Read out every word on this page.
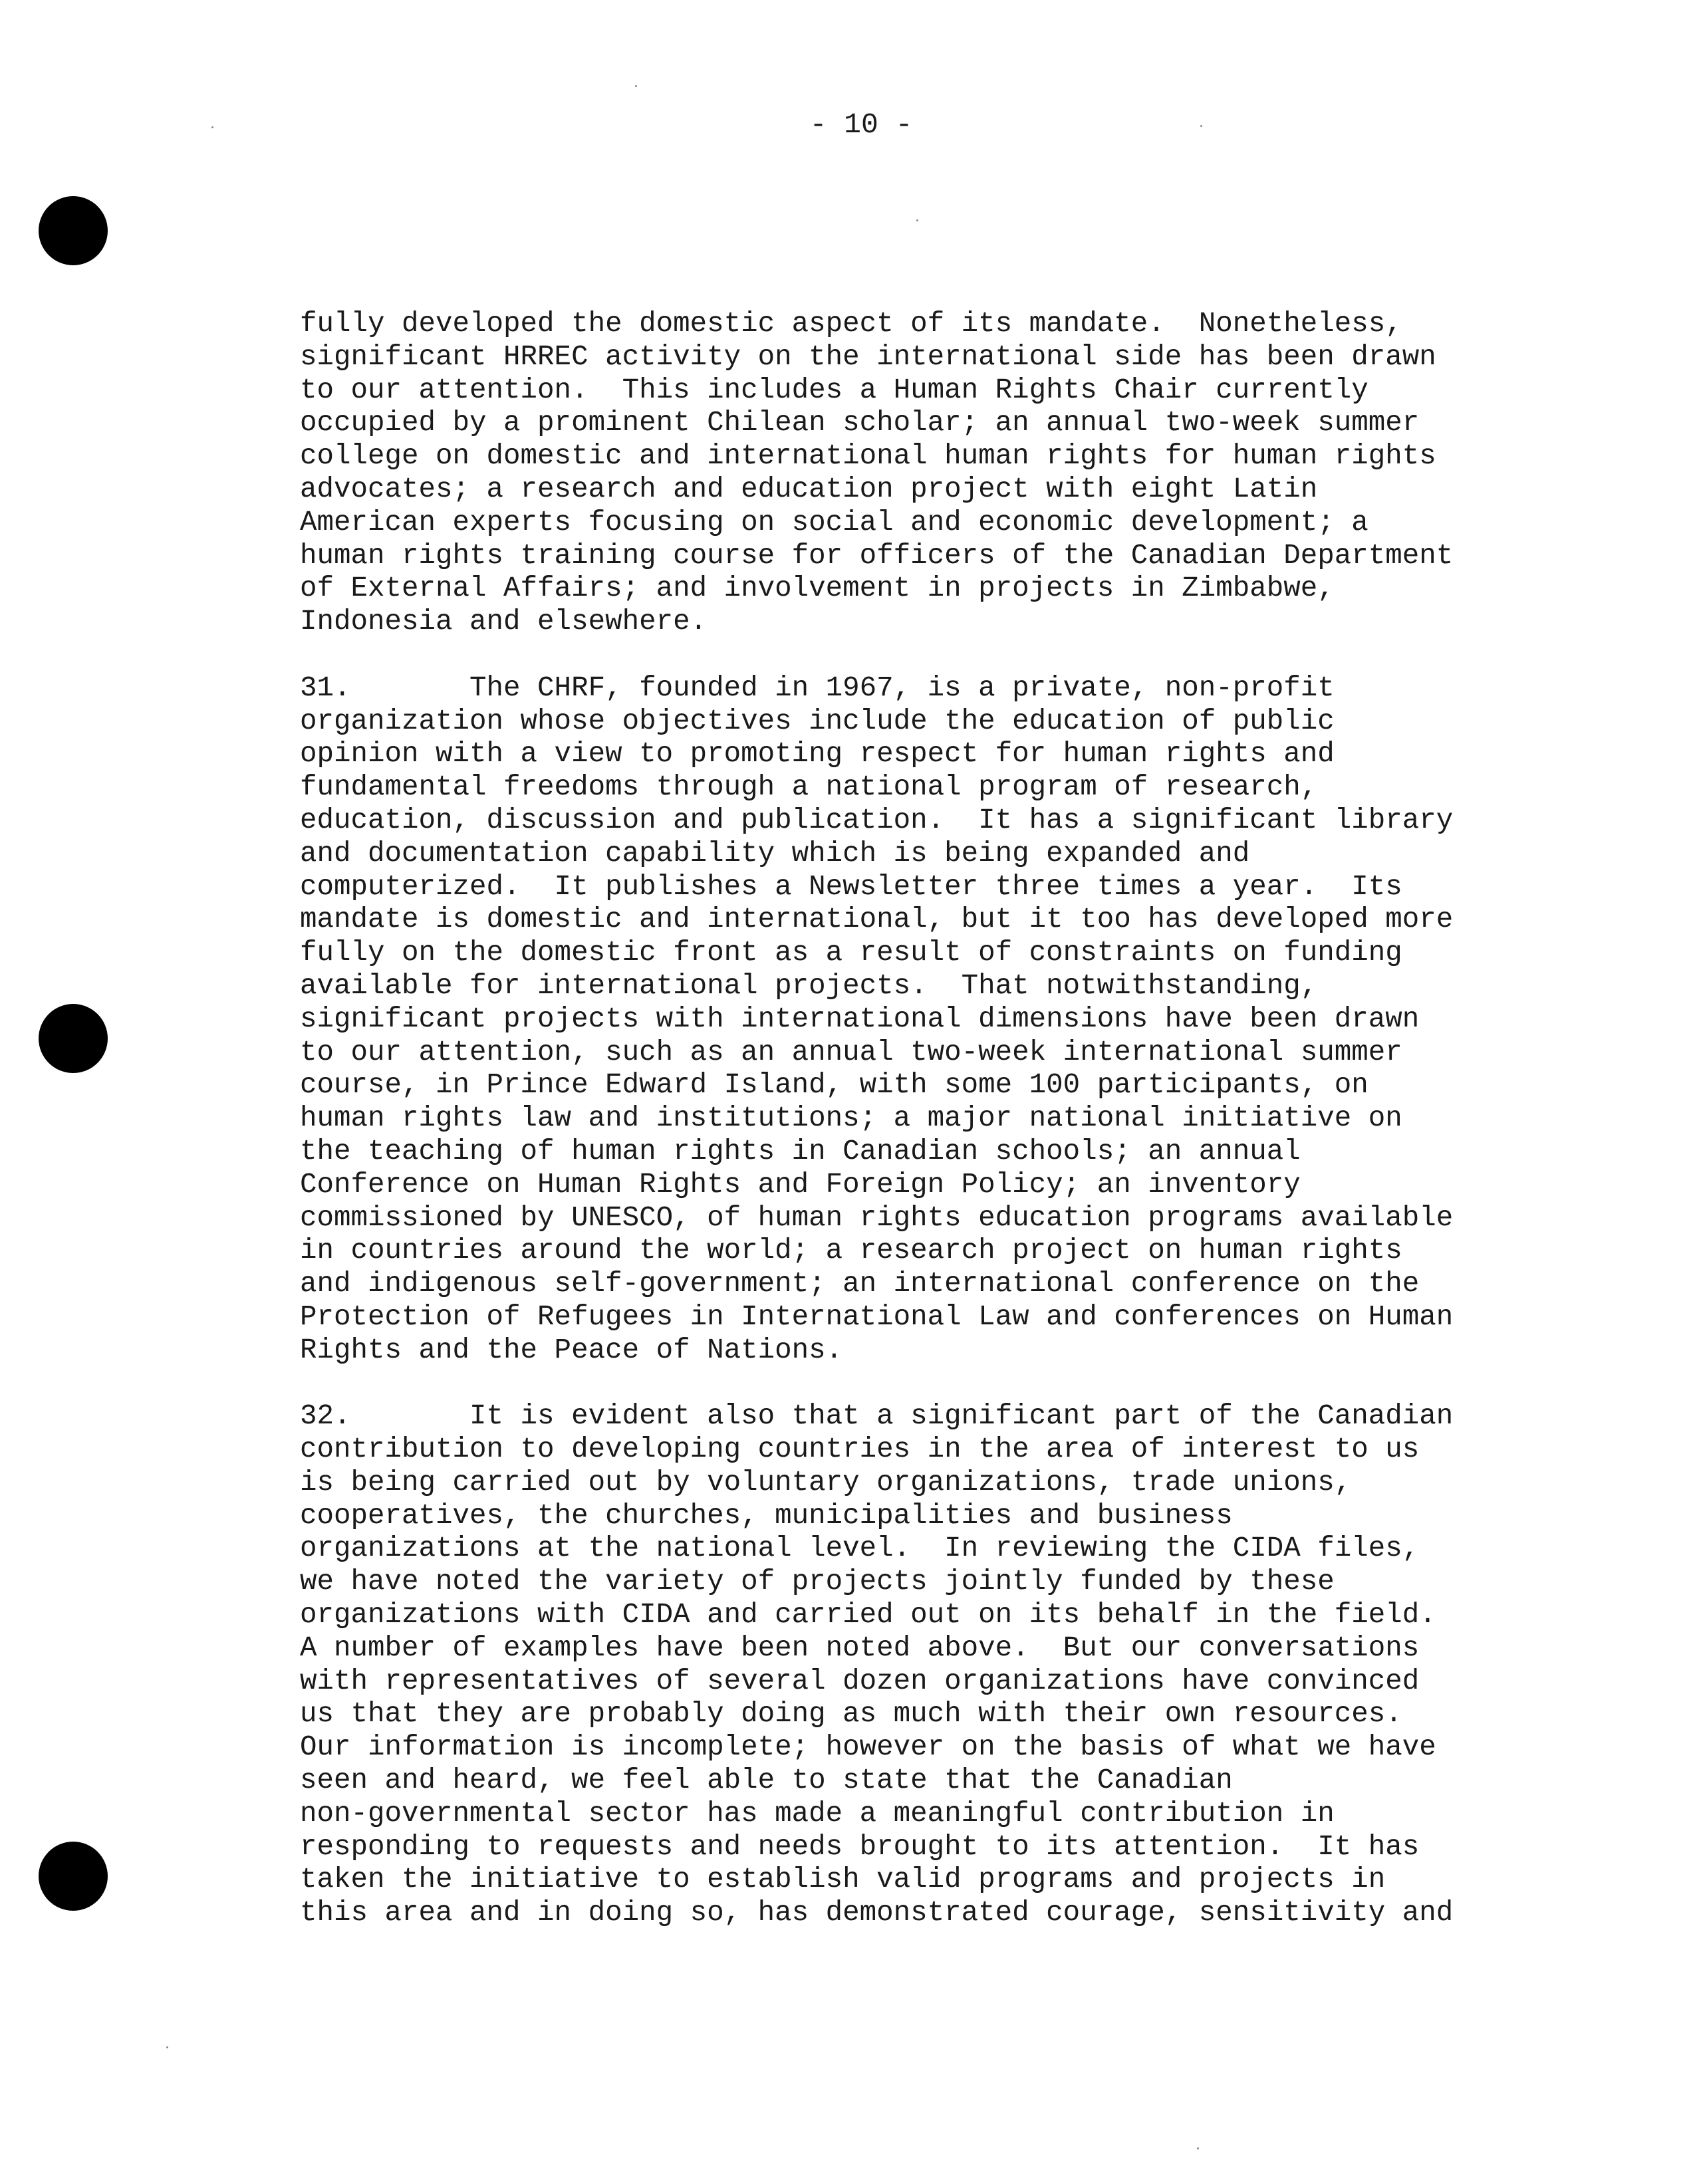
- 10 -
fully developed the domestic aspect of its mandate.  Nonetheless,
significant HRREC activity on the international side has been drawn
to our attention.  This includes a Human Rights Chair currently
occupied by a prominent Chilean scholar; an annual two-week summer
college on domestic and international human rights for human rights
advocates; a research and education project with eight Latin
American experts focusing on social and economic development; a
human rights training course for officers of the Canadian Department
of External Affairs; and involvement in projects in Zimbabwe,
Indonesia and elsewhere.
31.       The CHRF, founded in 1967, is a private, non-profit
organization whose objectives include the education of public
opinion with a view to promoting respect for human rights and
fundamental freedoms through a national program of research,
education, discussion and publication.  It has a significant library
and documentation capability which is being expanded and
computerized.  It publishes a Newsletter three times a year.  Its
mandate is domestic and international, but it too has developed more
fully on the domestic front as a result of constraints on funding
available for international projects.  That notwithstanding,
significant projects with international dimensions have been drawn
to our attention, such as an annual two-week international summer
course, in Prince Edward Island, with some 100 participants, on
human rights law and institutions; a major national initiative on
the teaching of human rights in Canadian schools; an annual
Conference on Human Rights and Foreign Policy; an inventory
commissioned by UNESCO, of human rights education programs available
in countries around the world; a research project on human rights
and indigenous self-government; an international conference on the
Protection of Refugees in International Law and conferences on Human
Rights and the Peace of Nations.
32.       It is evident also that a significant part of the Canadian
contribution to developing countries in the area of interest to us
is being carried out by voluntary organizations, trade unions,
cooperatives, the churches, municipalities and business
organizations at the national level.  In reviewing the CIDA files,
we have noted the variety of projects jointly funded by these
organizations with CIDA and carried out on its behalf in the field.
A number of examples have been noted above.  But our conversations
with representatives of several dozen organizations have convinced
us that they are probably doing as much with their own resources.
Our information is incomplete; however on the basis of what we have
seen and heard, we feel able to state that the Canadian
non-governmental sector has made a meaningful contribution in
responding to requests and needs brought to its attention.  It has
taken the initiative to establish valid programs and projects in
this area and in doing so, has demonstrated courage, sensitivity and
